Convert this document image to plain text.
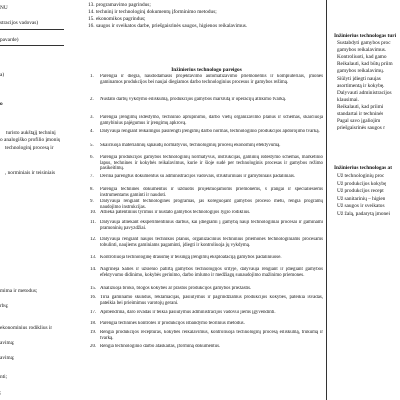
NU
stracijos vadovas)
pavarde)
a)
o
turisto aukštąjį techninį
o analogiško profilio įmonių
technologinį procesą ir
, norminiais ir teisiniais
mima ir metodus;
rbų;
ekonominius rodiklius ir
avimą;
avimą;
nti;
;
13. programavimo pagrindus;
14. techninį ir technologinį dokumentų įforminimo metodus;
15. ekonomikos pagrindus;
16. saugos ir sveikatos darbe, priešgaisrinės saugos, higienos reikalavimus.
Inžinierius technologo pareigos
1. Parengia ir diegia, naudodamasis projektavimo automatizavimo priemonėmis ir kompiuteriais, įmonės gaminamos produkcijos bei naujai diegiamos darbo technologinius procesus ir gamybos režimą.
2. Nustato darbų vykdymo eiliškumą, produkcijos gamybos maršrutą ir operacijų atlikimo tvarką.
3. Parengia įrengimų išdėstymo, techninio aprūpinimo, darbo vietų organizavimo planus ir schemas, skaičiuoja gamybinius pajėgumus ir įrengimų apkrovą.
4. Dalyvauja rengiant reikalingus pasirengti įrengimų darbo normas, technologinio produkcijos apdorojimo tvarką.
5. Skaičiuoja materialinių sąnaudų normatyvus, technologinių procesų ekonominį efektyvumą.
6. Parengia produkcijos gamybos technologinių normatyvus, instrukcijas, gaminių išdėstymo schemas, marketinio lapus, technines ir kokybės reikalavimus, kurie ir šioje sudė per technologinis procesas ir gamybos režimo pasikeitimų.
7. Derina parengtus dokumentus su administracijos vadovais, struktūriniais ir gamybiniais padaliniais.
8. Parengia technines dokumentus ir užduotis projektuojamoms priemonėms, š įrangai ir specialiesiems instrumentams gaminti ir naudoti.
9. Dalyvauja rengiant technologinės programas, jas koreguojant gamybos proceso metu, rengia programų naudojimo instrukcijas.
10. Atlieka patentinius tyrimus ir nustato gamybos technologijos lygio rodiklius.
11. Dalyvauja atliekant eksperimentinius darbus, kai įdiegiami į gamybą nauji technologiniai procesai ir gaminami pramoninių pavyzdžiai.
12. Dalyvauja rengiant naujos technikos planus, organizacinius techninius priemones technologiniams procesams tobulinti, naujiems gaminiams pagaminti, įdiegti ir kontroliuoja jų vykdymą.
13. Kontroliuoja technologinę drausmę ir teisingą įrengimų eksploataciją gamybos padaliniuose.
14. Nagrinėja Šalies ir užsienio patirtą gamybos technologijos srityje, dalyvauja rengiant ir įdiegiant gamybos efektyvumo didinimo, kokybės gerinimo, darbo imlumo ir medžiagų sunaudojimo mažinimo priemones.
15. Analizuoja broko, blogos kokybės ar prastos produkcijos gamybos priežastis.
16. Tiria gaminamo skundus, reklamacijas, pasiūlymus ir pagrindžiamus produkcijos kokybės, pateikia išvadas, pateikia bei prieimimus varotojų gerani.
17. Apibendrina, daro išvadas ir teikia pasiūlymus administracijos vadovui jiems įgyvendinti.
18. Parengia technines kontroles ir produkcijos išbandymo teorinius metodus.
19. Rengia produkcijos receptūras, kokybės reikalavimus, kontroliuoja technologinį procesą eiliškumą, trūkumą ir tvarką.
20. Rengia technologinio darbo ataskaitas, įforminą dokumentus.
Inžinierius technologas turi
Sustabdyti gamybos proc
gamybos reikalavimus.
Kontroliuoti, kad gamo
Reikalauti, kad būtų priim
gamybos reikalavimų.
Siūlyti įdiegti naujas
asortimentą ir kokybę.
Dalyvauti administracijos
klausimai.
Reikalauti, kad priimi
standartai ir techninės
Pagal savo įgaliojim
priešgaisrinės saugos r
Inžinierius technologas at
Už technologinių proc
Už produkcijos kokybę
Už produkcijos recept
Už sanitarinių – higien
Už saugos ir sveikatos
Už žalą, padarytą įmonei
